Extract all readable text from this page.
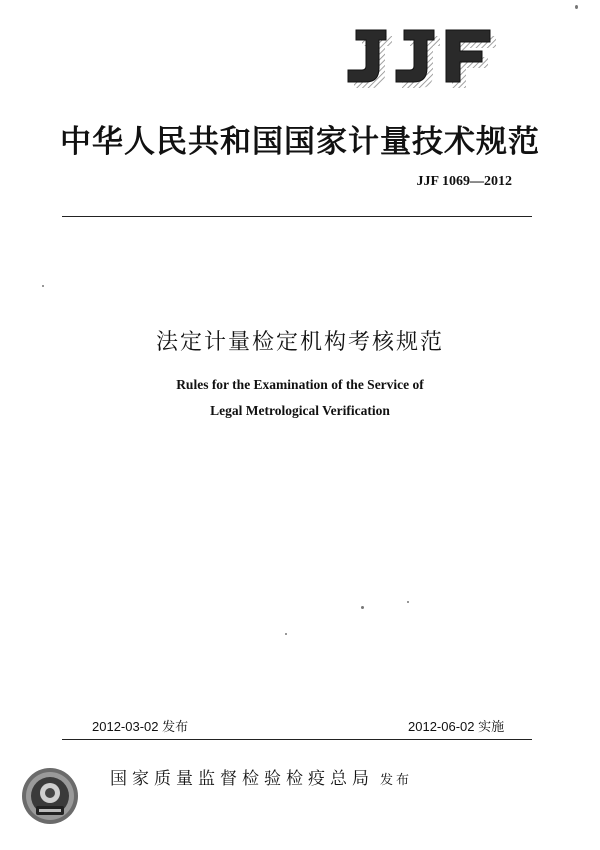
中华人民共和国国家计量技术规范
JJF 1069—2012
法定计量检定机构考核规范
Rules for the Examination of the Service of
Legal Metrological Verification
2012-03-02 发布	2012-06-02 实施
国家质量监督检验检疫总局 发布
